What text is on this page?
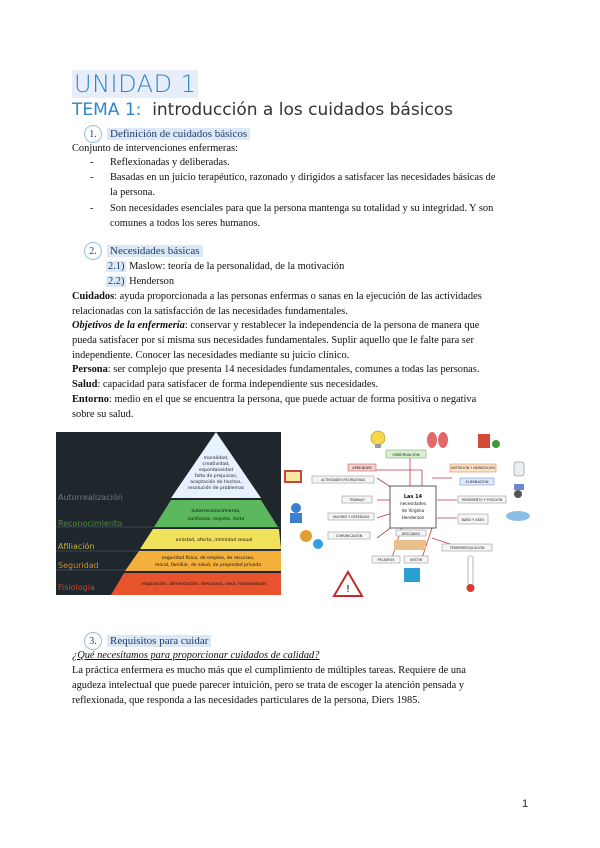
UNIDAD 1
TEMA 1: introducción a los cuidados básicos
1.	Definición de cuidados básicos
Conjunto de intervenciones enfermeras:
- Reflexionadas y deliberadas.
- Basadas en un juicio terapéutico, razonado y dirigidos a satisfacer las necesidades básicas de
la persona.
- Son necesidades esenciales para que la persona mantenga su totalidad y su integridad. Y son
comunes a todos los seres humanos.
2.	Necesidades básicas
2.1) Maslow: teoría de la personalidad, de la motivación
2.2) Henderson
Cuidados: ayuda proporcionada a las personas enfermas o sanas en la ejecución de las actividades
relacionadas con la satisfacción de las necesidades fundamentales.
Objetivos de la enfermería: conservar y restablecer la independencia de la persona de manera que
pueda satisfacer por sí misma sus necesidades fundamentales. Suplir aquello que le falte para ser
independiente. Conocer las necesidades mediante su juicio clínico.
Persona: ser complejo que presenta 14 necesidades fundamentales, comunes a todas las personas.
Salud: capacidad para satisfacer de forma independiente sus necesidades.
Entorno: medio en el que se encuentra la persona, que puede actuar de forma positiva o negativa
sobre su salud.
moralidad,
creatividad,
espontaneidad
falta de prejuicios,
aceptación de hechos,
resolución de problemas
autorreconocimiento,
confianza, respeto, éxito
amistad, afecto, intimidad sexual
seguridad física, de empleo, de recursos,
moral, familiar, de salud, de propiedad privada
respiración, alimentación, descanso, sexo, homeostasis
Autorrealización
Reconocimiento
Afiliación
Seguridad
Fisiología
Las 14
necesidades
de Virginia
Henderson
OBSERVACIÓN
APRENDER	NUTRICIÓN Y HIDRATACIÓN
ELIMINACIÓN
ACTIVIDADES RECREATIVAS
TRABAJO	MOVIMIENTO Y POSICIÓN
VALORES Y CREENCIAS
BAÑO Y ASEO
COMUNICACIÓN
PELIGROS	VESTIR
TERMORREGULACIÓN
DESCANSO
!
3.	Requisitos para cuidar
¿Qué necesitamos para proporcionar cuidados de calidad?
La práctica enfermera es mucho más que el cumplimiento de múltiples tareas. Requiere de una
agudeza intelectual que puede parecer intuición, pero se trata de escoger la atención pensada y
reflexionada, que responda a las necesidades particulares de la persona, Diers 1985.
1
